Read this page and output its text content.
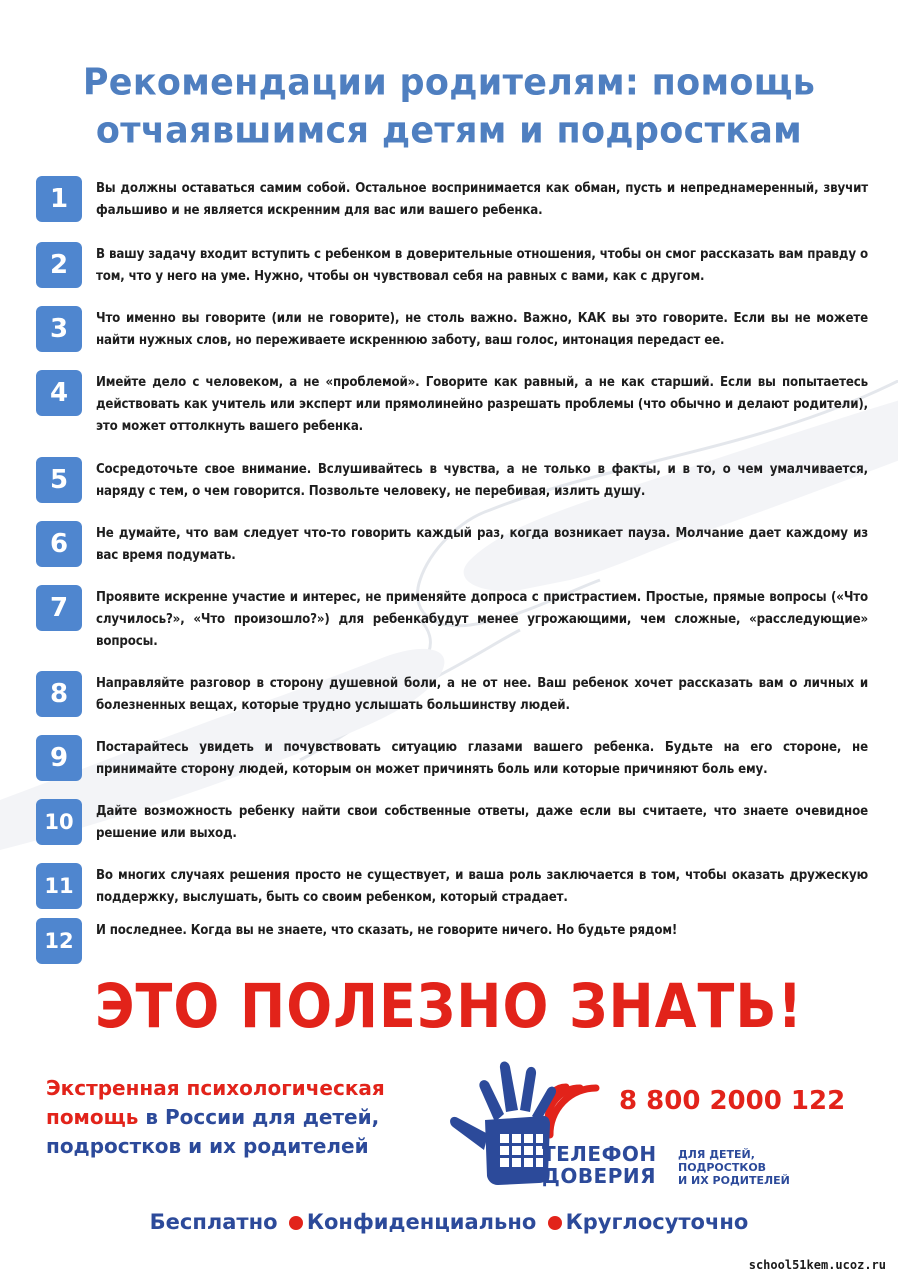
Рекомендации родителям: помощь
отчаявшимся детям и подросткам
1	Вы должны оставаться самим собой. Остальное воспринимается как обман, пусть и непреднамеренный, звучит фальшиво и не является искренним для вас или вашего ребенка.
2	В вашу задачу входит вступить с ребенком в доверительные отношения, чтобы он смог рассказать вам правду о том, что у него на уме. Нужно, чтобы он чувствовал себя на равных с вами, как с другом.
3	Что именно вы говорите (или не говорите), не столь важно. Важно, КАК вы это говорите. Если вы не можете найти нужных слов, но переживаете искреннюю заботу, ваш голос, интонация передаст ее.
4	Имейте дело с человеком, а не «проблемой». Говорите как равный, а не как старший. Если вы попытаетесь действовать как учитель или эксперт или прямолинейно разрешать проблемы (что обычно и делают родители), это может оттолкнуть вашего ребенка.
5	Сосредоточьте свое внимание. Вслушивайтесь в чувства, а не только в факты, и в то, о чем умалчивается, наряду с тем, о чем говорится. Позвольте человеку, не перебивая, излить душу.
6	Не думайте, что вам следует что-то говорить каждый раз, когда возникает пауза. Молчание дает каждому из вас время подумать.
7	Проявите искренне участие и интерес, не применяйте допроса с пристрастием. Простые, прямые вопросы («Что случилось?», «Что произошло?») для ребенкабудут менее угрожающими, чем сложные, «расследующие» вопросы.
8	Направляйте разговор в сторону душевной боли, а не от нее. Ваш ребенок хочет рассказать вам о личных и болезненных вещах, которые трудно услышать большинству людей.
9	Постарайтесь увидеть и почувствовать ситуацию глазами вашего ребенка. Будьте на его стороне, не принимайте сторону людей, которым он может причинять боль или которые причиняют боль ему.
10	Дайте возможность ребенку найти свои собственные ответы, даже если вы считаете, что знаете очевидное решение или выход.
11	Во многих случаях решения просто не существует, и ваша роль заключается в том, чтобы оказать дружескую поддержку, выслушать, быть со своим ребенком, который страдает.
12	И последнее. Когда вы не знаете, что сказать, не говорите ничего. Но будьте рядом!
ЭТО ПОЛЕЗНО ЗНАТЬ!
Экстренная психологическая
помощь в России для детей,
подростков и их родителей
8 800 2000 122
ТЕЛЕФОН
ДОВЕРИЯ
ДЛЯ ДЕТЕЙ,
ПОДРОСТКОВ
И ИХ РОДИТЕЛЕЙ
Бесплатно Конфиденциально Круглосуточно
school51kem.ucoz.ru
